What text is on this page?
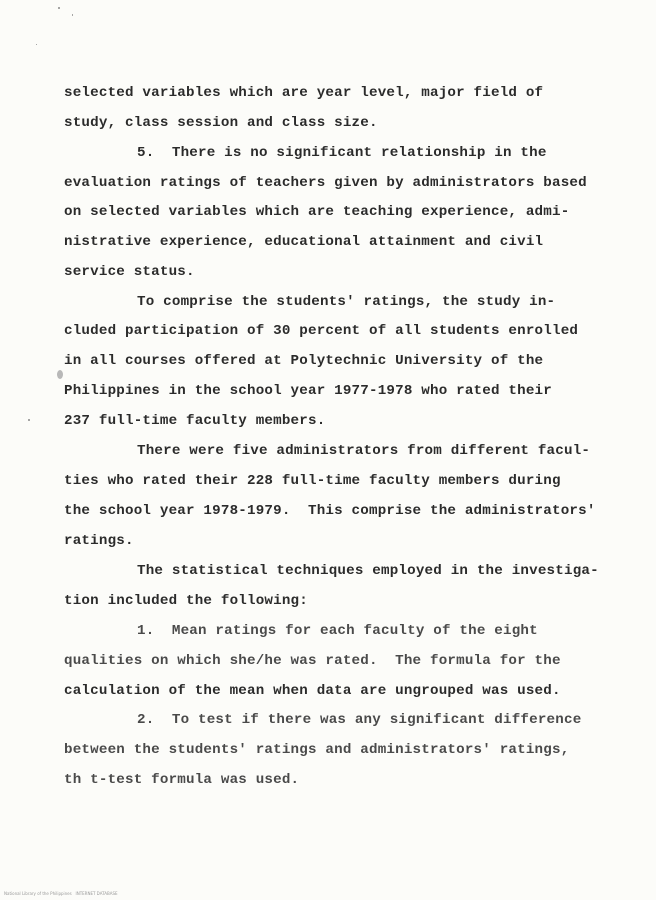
selected variables which are year level, major field of
study, class session and class size.
5.  There is no significant relationship in the
evaluation ratings of teachers given by administrators based
on selected variables which are teaching experience, admi-
nistrative experience, educational attainment and civil
service status.
To comprise the students' ratings, the study in-
cluded participation of 30 percent of all students enrolled
in all courses offered at Polytechnic University of the
Philippines in the school year 1977-1978 who rated their
237 full-time faculty members.
There were five administrators from different facul-
ties who rated their 228 full-time faculty members during
the school year 1978-1979.  This comprise the administrators'
ratings.
The statistical techniques employed in the investiga-
tion included the following:
1.  Mean ratings for each faculty of the eight
qualities on which she/he was rated.  The formula for the
calculation of the mean when data are ungrouped was used.
2.  To test if there was any significant difference
between the students' ratings and administrators' ratings,
th t-test formula was used.
National Library of the Philippines   INTERNET DATABASE
